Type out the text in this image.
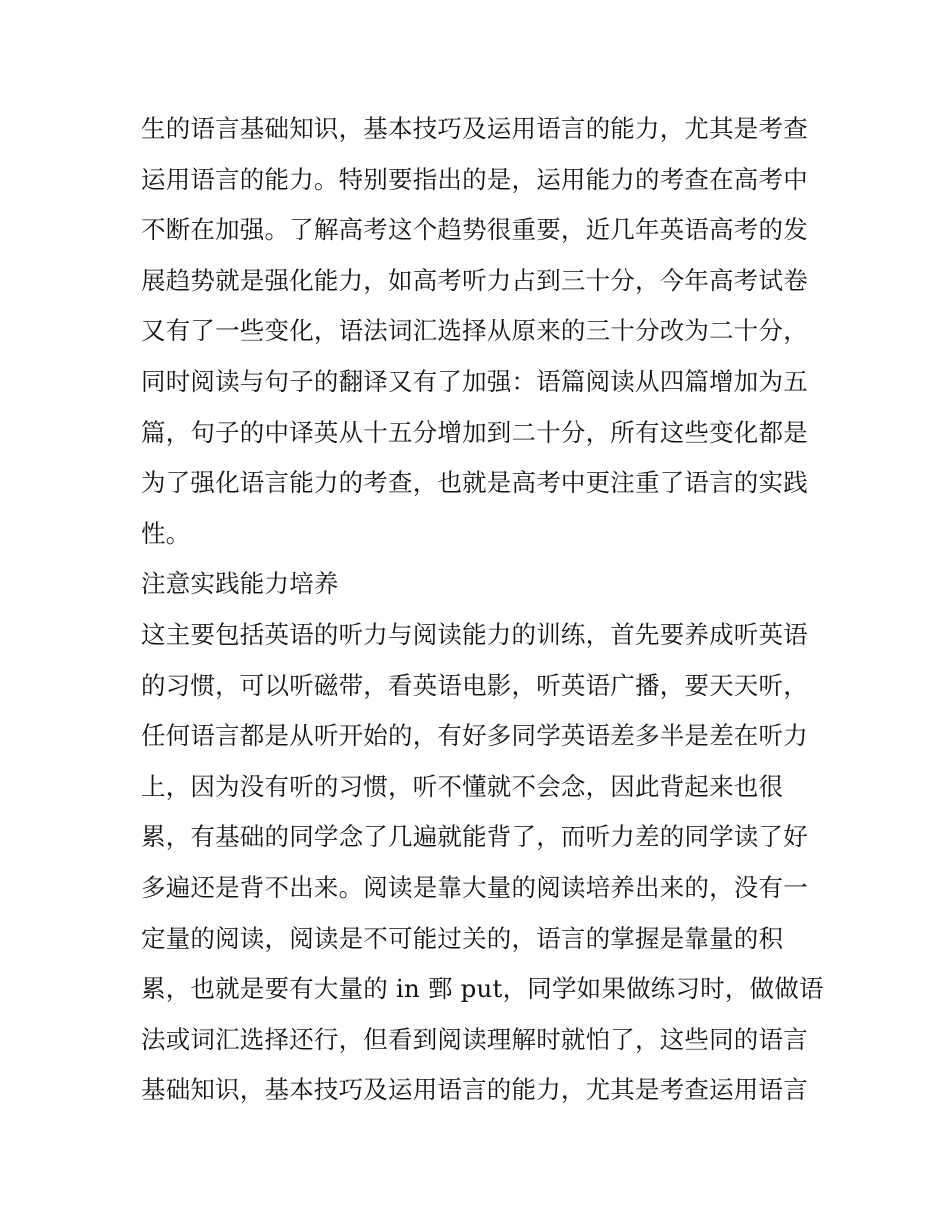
生的语言基础知识，基本技巧及运用语言的能力，尤其是考查
运用语言的能力。特别要指出的是，运用能力的考查在高考中
不断在加强。了解高考这个趋势很重要，近几年英语高考的发
展趋势就是强化能力，如高考听力占到三十分，今年高考试卷
又有了一些变化，语法词汇选择从原来的三十分改为二十分，
同时阅读与句子的翻译又有了加强：语篇阅读从四篇增加为五
篇，句子的中译英从十五分增加到二十分，所有这些变化都是
为了强化语言能力的考查，也就是高考中更注重了语言的实践
性。
注意实践能力培养
这主要包括英语的听力与阅读能力的训练，首先要养成听英语
的习惯，可以听磁带，看英语电影，听英语广播，要天天听，
任何语言都是从听开始的，有好多同学英语差多半是差在听力
上，因为没有听的习惯，听不懂就不会念，因此背起来也很
累，有基础的同学念了几遍就能背了，而听力差的同学读了好
多遍还是背不出来。阅读是靠大量的阅读培养出来的，没有一
定量的阅读，阅读是不可能过关的，语言的掌握是靠量的积
累，也就是要有大量的 in 鄄 put，同学如果做练习时，做做语
法或词汇选择还行，但看到阅读理解时就怕了，这些同的语言
基础知识，基本技巧及运用语言的能力，尤其是考查运用语言
